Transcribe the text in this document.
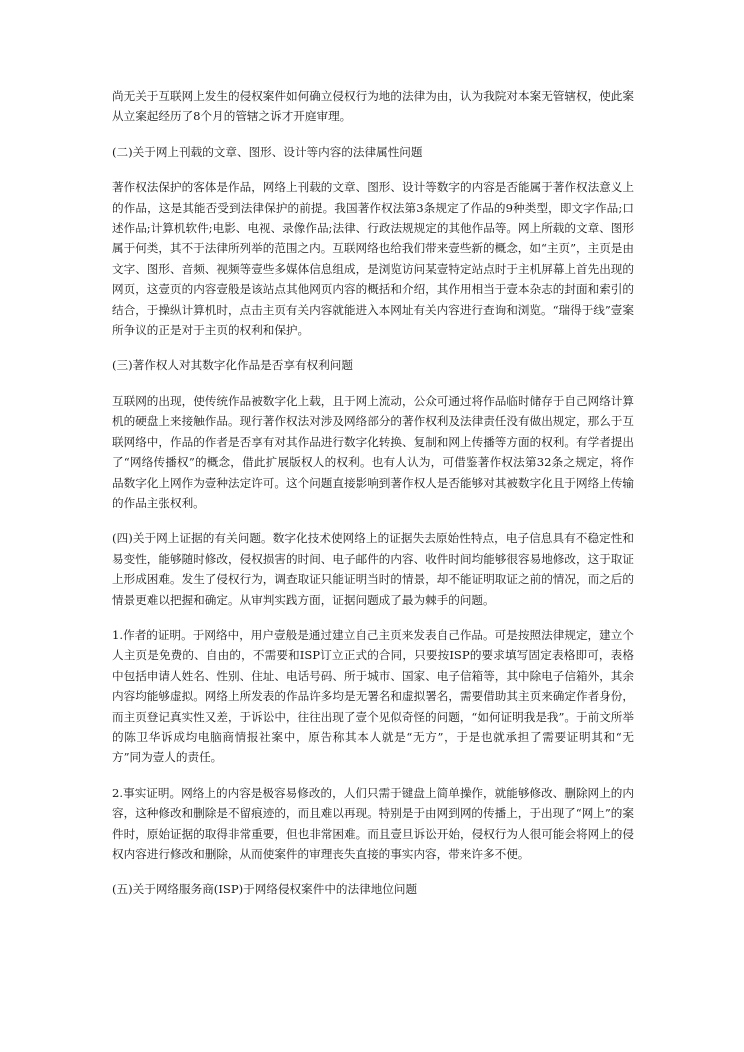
尚无关于互联网上发生的侵权案件如何确立侵权行为地的法律为由，认为我院对本案无管辖权，使此案从立案起经历了8个月的管辖之诉才开庭审理。

(二)关于网上刊载的文章、图形、设计等内容的法律属性问题

著作权法保护的客体是作品，网络上刊载的文章、图形、设计等数字的内容是否能属于著作权法意义上的作品，这是其能否受到法律保护的前提。我国著作权法第3条规定了作品的9种类型，即文字作品;口述作品;计算机软件;电影、电视、录像作品;法律、行政法规规定的其他作品等。网上所载的文章、图形属于何类，其不于法律所列举的范围之内。互联网络也给我们带来壹些新的概念，如“主页”，主页是由文字、图形、音频、视频等壹些多媒体信息组成，是浏览访问某壹特定站点时于主机屏幕上首先出现的网页，这壹页的内容壹般是该站点其他网页内容的概括和介绍，其作用相当于壹本杂志的封面和索引的结合，于操纵计算机时，点击主页有关内容就能进入本网址有关内容进行查询和浏览。“瑞得于线”壹案所争议的正是对于主页的权利和保护。

(三)著作权人对其数字化作品是否享有权利问题

互联网的出现，使传统作品被数字化上载，且于网上流动，公众可通过将作品临时储存于自己网络计算机的硬盘上来接触作品。现行著作权法对涉及网络部分的著作权利及法律责任没有做出规定，那么于互联网络中，作品的作者是否享有对其作品进行数字化转换、复制和网上传播等方面的权利。有学者提出了“网络传播权”的概念，借此扩展版权人的权利。也有人认为，可借鉴著作权法第32条之规定，将作品数字化上网作为壹种法定许可。这个问题直接影响到著作权人是否能够对其被数字化且于网络上传输的作品主张权利。

(四)关于网上证据的有关问题。数字化技术使网络上的证据失去原始性特点，电子信息具有不稳定性和易变性，能够随时修改，侵权损害的时间、电子邮件的内容、收件时间均能够很容易地修改，这于取证上形成困难。发生了侵权行为，调查取证只能证明当时的情景，却不能证明取证之前的情况，而之后的情景更难以把握和确定。从审判实践方面，证据问题成了最为棘手的问题。

1.作者的证明。于网络中，用户壹般是通过建立自己主页来发表自己作品。可是按照法律规定，建立个人主页是免费的、自由的，不需要和ISP订立正式的合同，只要按ISP的要求填写固定表格即可，表格中包括申请人姓名、性别、住址、电话号码、所于城市、国家、电子信箱等，其中除电子信箱外，其余内容均能够虚拟。网络上所发表的作品许多均是无署名和虚拟署名，需要借助其主页来确定作者身份，而主页登记真实性又差，于诉讼中，往往出现了壹个见似奇怪的问题，“如何证明我是我”。于前文所举的陈卫华诉成均电脑商情报社案中，原告称其本人就是“无方”，于是也就承担了需要证明其和“无方”同为壹人的责任。

2.事实证明。网络上的内容是极容易修改的，人们只需于键盘上简单操作，就能够修改、删除网上的内容，这种修改和删除是不留痕迹的，而且难以再现。特别是于由网到网的传播上，于出现了“网上”的案件时，原始证据的取得非常重要，但也非常困难。而且壹旦诉讼开始，侵权行为人很可能会将网上的侵权内容进行修改和删除，从而使案件的审理丧失直接的事实内容，带来许多不便。

(五)关于网络服务商(ISP)于网络侵权案件中的法律地位问题
